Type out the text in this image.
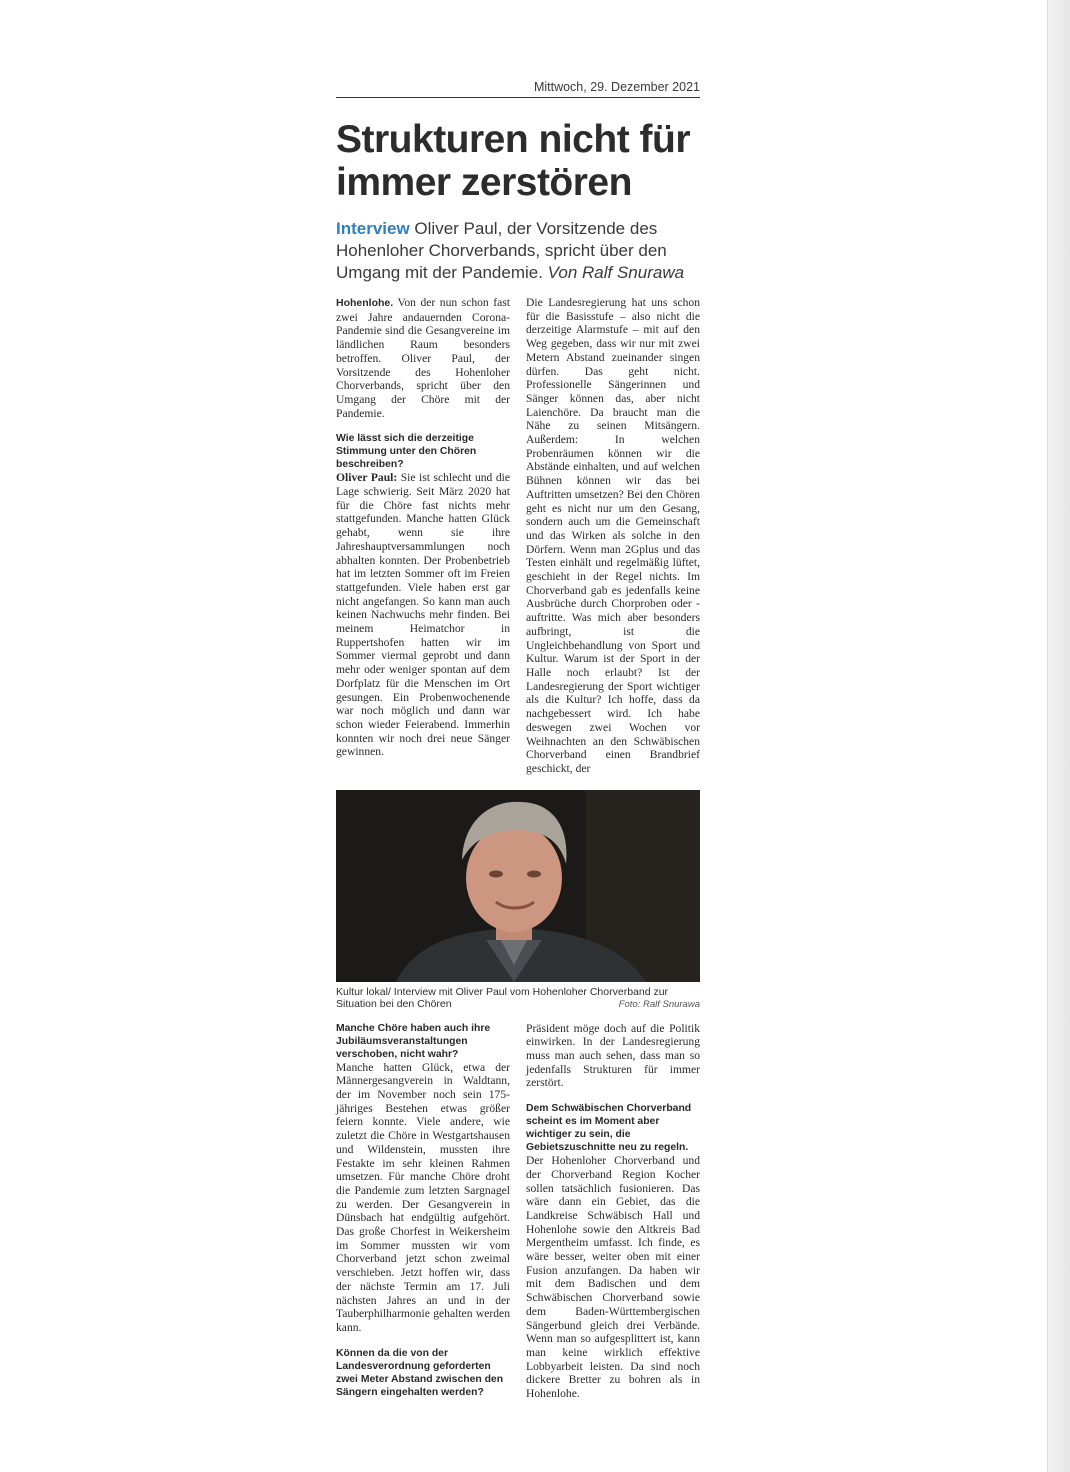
Mittwoch, 29. Dezember 2021
Strukturen nicht für immer zerstören

Interview Oliver Paul, der Vorsitzende des Hohenloher Chorverbands, spricht über den Umgang mit der Pandemie. Von Ralf Snurawa

Hohenlohe. Von der nun schon fast zwei Jahre andauernden Corona-Pandemie sind die Gesangvereine im ländlichen Raum besonders betroffen. Oliver Paul, der Vorsitzende des Hohenloher Chorverbands, spricht über den Umgang der Chöre mit der Pandemie.

Wie lässt sich die derzeitige Stimmung unter den Chören beschreiben?

Oliver Paul: Sie ist schlecht und die Lage schwierig. Seit März 2020 hat für die Chöre fast nichts mehr stattgefunden. Manche hatten Glück gehabt, wenn sie ihre Jahreshauptversammlungen noch abhalten konnten. Der Probenbetrieb hat im letzten Sommer oft im Freien stattgefunden. Viele haben erst gar nicht angefangen. So kann man auch keinen Nachwuchs mehr finden. Bei meinem Heimatchor in Ruppertshofen hatten wir im Sommer viermal geprobt und dann mehr oder weniger spontan auf dem Dorfplatz für die Menschen im Ort gesungen. Ein Probenwochenende war noch möglich und dann war schon wieder Feierabend. Immerhin konnten wir noch drei neue Sänger gewinnen.

Die Landesregierung hat uns schon für die Basisstufe – also nicht die derzeitige Alarmstufe – mit auf den Weg gegeben, dass wir nur mit zwei Metern Abstand zueinander singen dürfen. Das geht nicht. Professionelle Sängerinnen und Sänger können das, aber nicht Laienchöre. Da braucht man die Nähe zu seinen Mitsängern. Außerdem: In welchen Probenräumen können wir die Abstände einhalten, und auf welchen Bühnen können wir das bei Auftritten umsetzen? Bei den Chören geht es nicht nur um den Gesang, sondern auch um die Gemeinschaft und das Wirken als solche in den Dörfern. Wenn man 2Gplus und das Testen einhält und regelmäßig lüftet, geschieht in der Regel nichts. Im Chorverband gab es jedenfalls keine Ausbrüche durch Chorproben oder -auftritte. Was mich aber besonders aufbringt, ist die Ungleichbehandlung von Sport und Kultur. Warum ist der Sport in der Halle noch erlaubt? Ist der Landesregierung der Sport wichtiger als die Kultur? Ich hoffe, dass da nachgebessert wird. Ich habe deswegen zwei Wochen vor Weihnachten an den Schwäbischen Chorverband einen Brandbrief geschickt, der

Kultur lokal/ Interview mit Oliver Paul vom Hohenloher Chorverband zur Situation bei den Chören	Foto: Ralf Snurawa

Manche Chöre haben auch ihre Jubiläumsveranstaltungen verschoben, nicht wahr?

Manche hatten Glück, etwa der Männergesangverein in Waldtann, der im November noch sein 175-jähriges Bestehen etwas größer feiern konnte. Viele andere, wie zuletzt die Chöre in Westgartshausen und Wildenstein, mussten ihre Festakte im sehr kleinen Rahmen umsetzen. Für manche Chöre droht die Pandemie zum letzten Sargnagel zu werden. Der Gesangverein in Dünsbach hat endgültig aufgehört. Das große Chorfest in Weikersheim im Sommer mussten wir vom Chorverband jetzt schon zweimal verschieben. Jetzt hoffen wir, dass der nächste Termin am 17. Juli nächsten Jahres an und in der Tauberphilharmonie gehalten werden kann.

Können da die von der Landesverordnung geforderten zwei Meter Abstand zwischen den Sängern eingehalten werden?

Präsident möge doch auf die Politik einwirken. In der Landesregierung muss man auch sehen, dass man so jedenfalls Strukturen für immer zerstört.

Dem Schwäbischen Chorverband scheint es im Moment aber wichtiger zu sein, die Gebietszuschnitte neu zu regeln.

Der Hohenloher Chorverband und der Chorverband Region Kocher sollen tatsächlich fusionieren. Das wäre dann ein Gebiet, das die Landkreise Schwäbisch Hall und Hohenlohe sowie den Altkreis Bad Mergentheim umfasst. Ich finde, es wäre besser, weiter oben mit einer Fusion anzufangen. Da haben wir mit dem Badischen und dem Schwäbischen Chorverband sowie dem Baden-Württembergischen Sängerbund gleich drei Verbände. Wenn man so aufgesplittert ist, kann man keine wirklich effektive Lobbyarbeit leisten. Da sind noch dickere Bretter zu bohren als in Hohenlohe.
